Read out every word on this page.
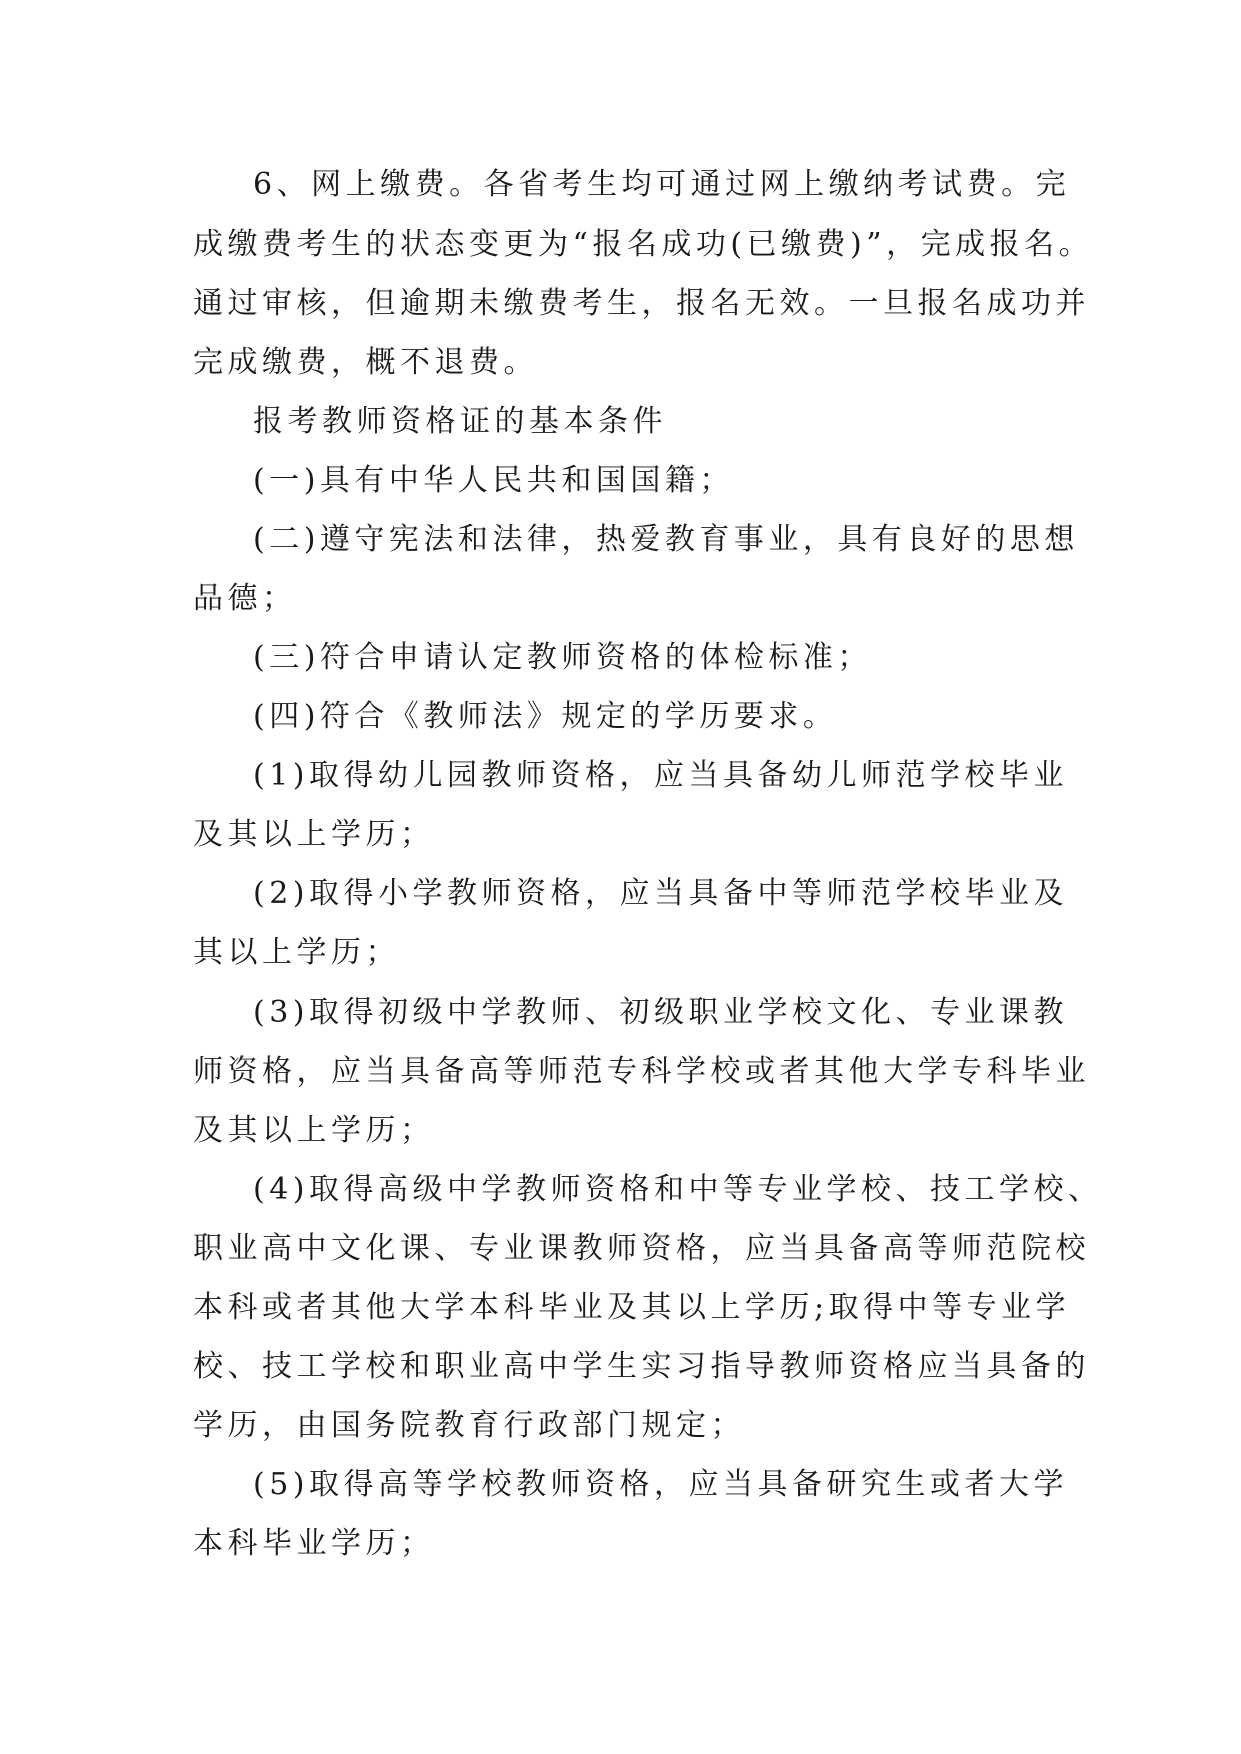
6、网上缴费。各省考生均可通过网上缴纳考试费。完
成缴费考生的状态变更为“报名成功(已缴费)”，完成报名。
通过审核，但逾期未缴费考生，报名无效。一旦报名成功并
完成缴费，概不退费。
报考教师资格证的基本条件
(一)具有中华人民共和国国籍；
(二)遵守宪法和法律，热爱教育事业，具有良好的思想
品德；
(三)符合申请认定教师资格的体检标准；
(四)符合《教师法》规定的学历要求。
(1)取得幼儿园教师资格，应当具备幼儿师范学校毕业
及其以上学历；
(2)取得小学教师资格，应当具备中等师范学校毕业及
其以上学历；
(3)取得初级中学教师、初级职业学校文化、专业课教
师资格，应当具备高等师范专科学校或者其他大学专科毕业
及其以上学历；
(4)取得高级中学教师资格和中等专业学校、技工学校、
职业高中文化课、专业课教师资格，应当具备高等师范院校
本科或者其他大学本科毕业及其以上学历;取得中等专业学
校、技工学校和职业高中学生实习指导教师资格应当具备的
学历，由国务院教育行政部门规定；
(5)取得高等学校教师资格，应当具备研究生或者大学
本科毕业学历；
